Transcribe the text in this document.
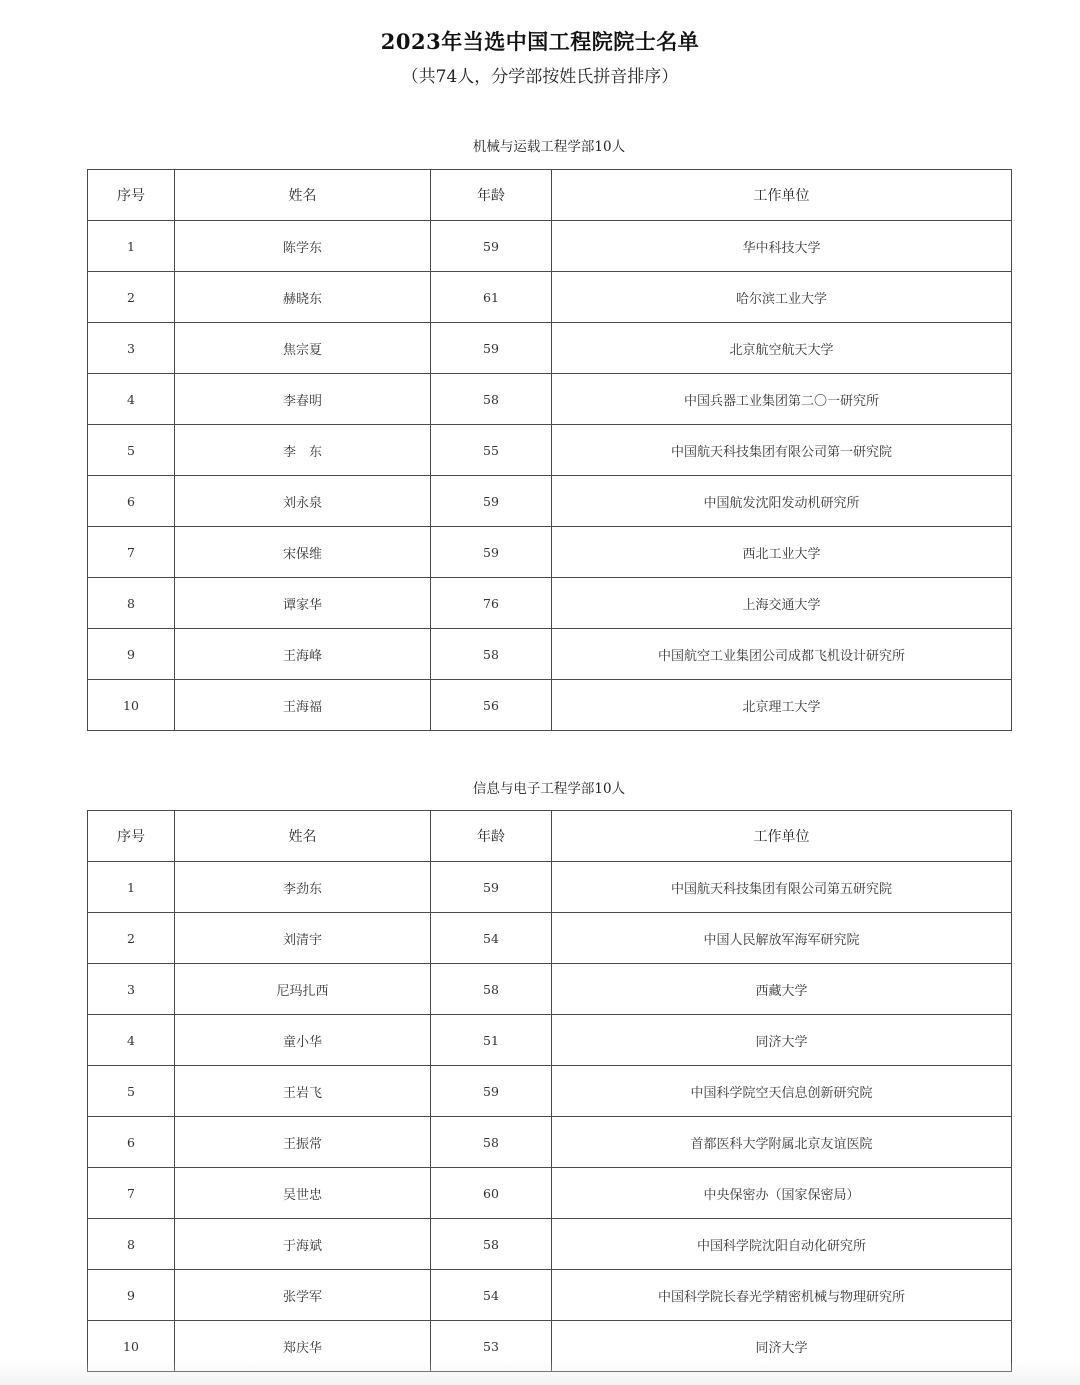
2023年当选中国工程院院士名单
（共74人，分学部按姓氏拼音排序）
机械与运载工程学部10人
序号	姓名	年龄	工作单位
1	陈学东	59	华中科技大学
2	赫晓东	61	哈尔滨工业大学
3	焦宗夏	59	北京航空航天大学
4	李春明	58	中国兵器工业集团第二〇一研究所
5	李　东	55	中国航天科技集团有限公司第一研究院
6	刘永泉	59	中国航发沈阳发动机研究所
7	宋保维	59	西北工业大学
8	谭家华	76	上海交通大学
9	王海峰	58	中国航空工业集团公司成都飞机设计研究所
10	王海福	56	北京理工大学
信息与电子工程学部10人
序号	姓名	年龄	工作单位
1	李劲东	59	中国航天科技集团有限公司第五研究院
2	刘清宇	54	中国人民解放军海军研究院
3	尼玛扎西	58	西藏大学
4	童小华	51	同济大学
5	王岩飞	59	中国科学院空天信息创新研究院
6	王振常	58	首都医科大学附属北京友谊医院
7	吴世忠	60	中央保密办（国家保密局）
8	于海斌	58	中国科学院沈阳自动化研究所
9	张学军	54	中国科学院长春光学精密机械与物理研究所
10	郑庆华	53	同济大学
